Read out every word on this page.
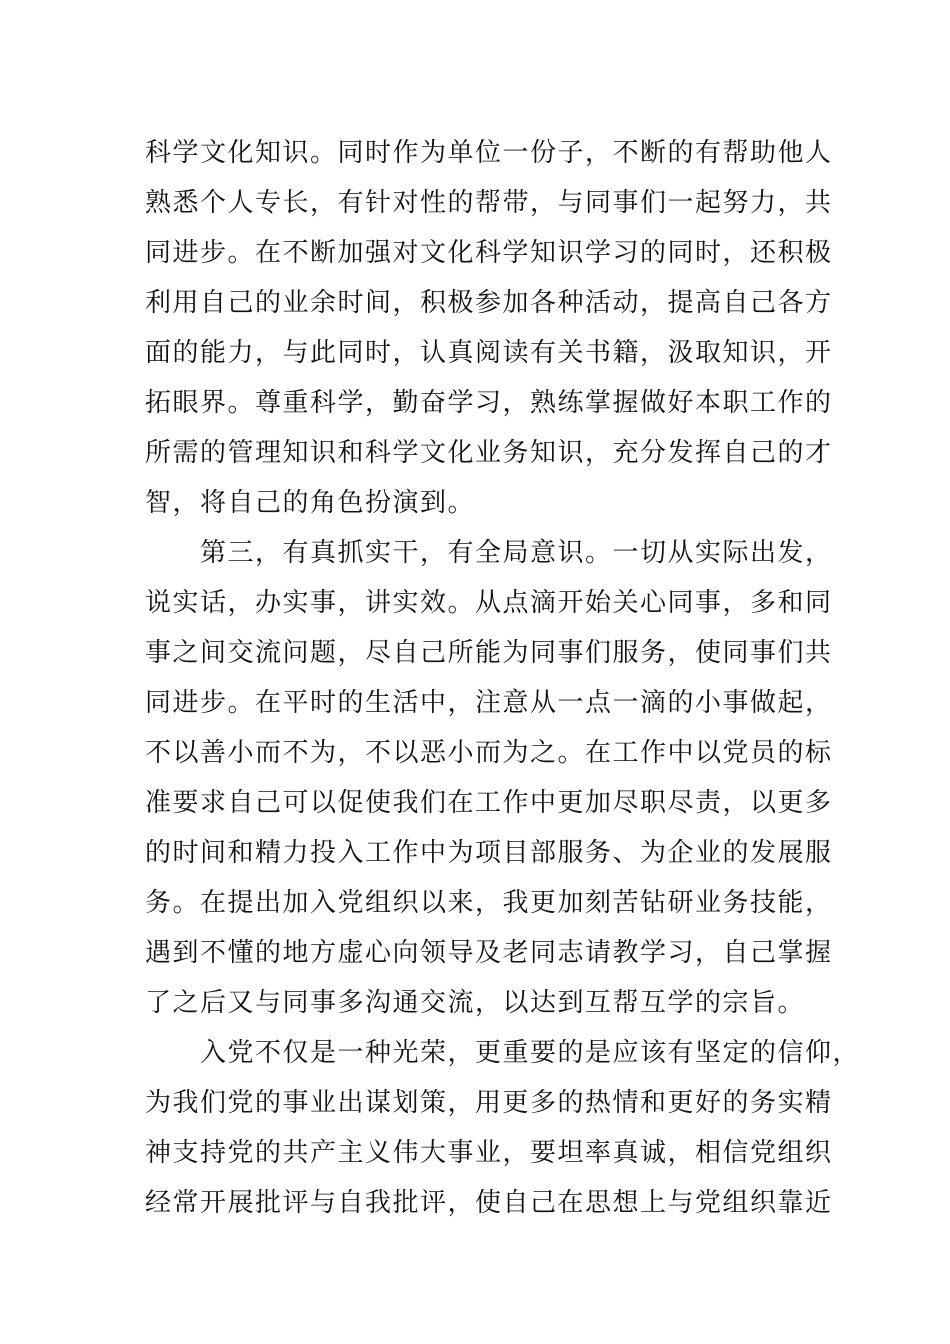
科学文化知识。同时作为单位一份子，不断的有帮助他人
熟悉个人专长，有针对性的帮带，与同事们一起努力，共
同进步。在不断加强对文化科学知识学习的同时，还积极
利用自己的业余时间，积极参加各种活动，提高自己各方
面的能力，与此同时，认真阅读有关书籍，汲取知识，开
拓眼界。尊重科学，勤奋学习，熟练掌握做好本职工作的
所需的管理知识和科学文化业务知识，充分发挥自己的才
智，将自己的角色扮演到。
第三，有真抓实干，有全局意识。一切从实际出发，
说实话，办实事，讲实效。从点滴开始关心同事，多和同
事之间交流问题，尽自己所能为同事们服务，使同事们共
同进步。在平时的生活中，注意从一点一滴的小事做起，
不以善小而不为，不以恶小而为之。在工作中以党员的标
准要求自己可以促使我们在工作中更加尽职尽责，以更多
的时间和精力投入工作中为项目部服务、为企业的发展服
务。在提出加入党组织以来，我更加刻苦钻研业务技能，
遇到不懂的地方虚心向领导及老同志请教学习，自己掌握
了之后又与同事多沟通交流，以达到互帮互学的宗旨。
入党不仅是一种光荣，更重要的是应该有坚定的信仰，
为我们党的事业出谋划策，用更多的热情和更好的务实精
神支持党的共产主义伟大事业，要坦率真诚，相信党组织
经常开展批评与自我批评，使自己在思想上与党组织靠近
